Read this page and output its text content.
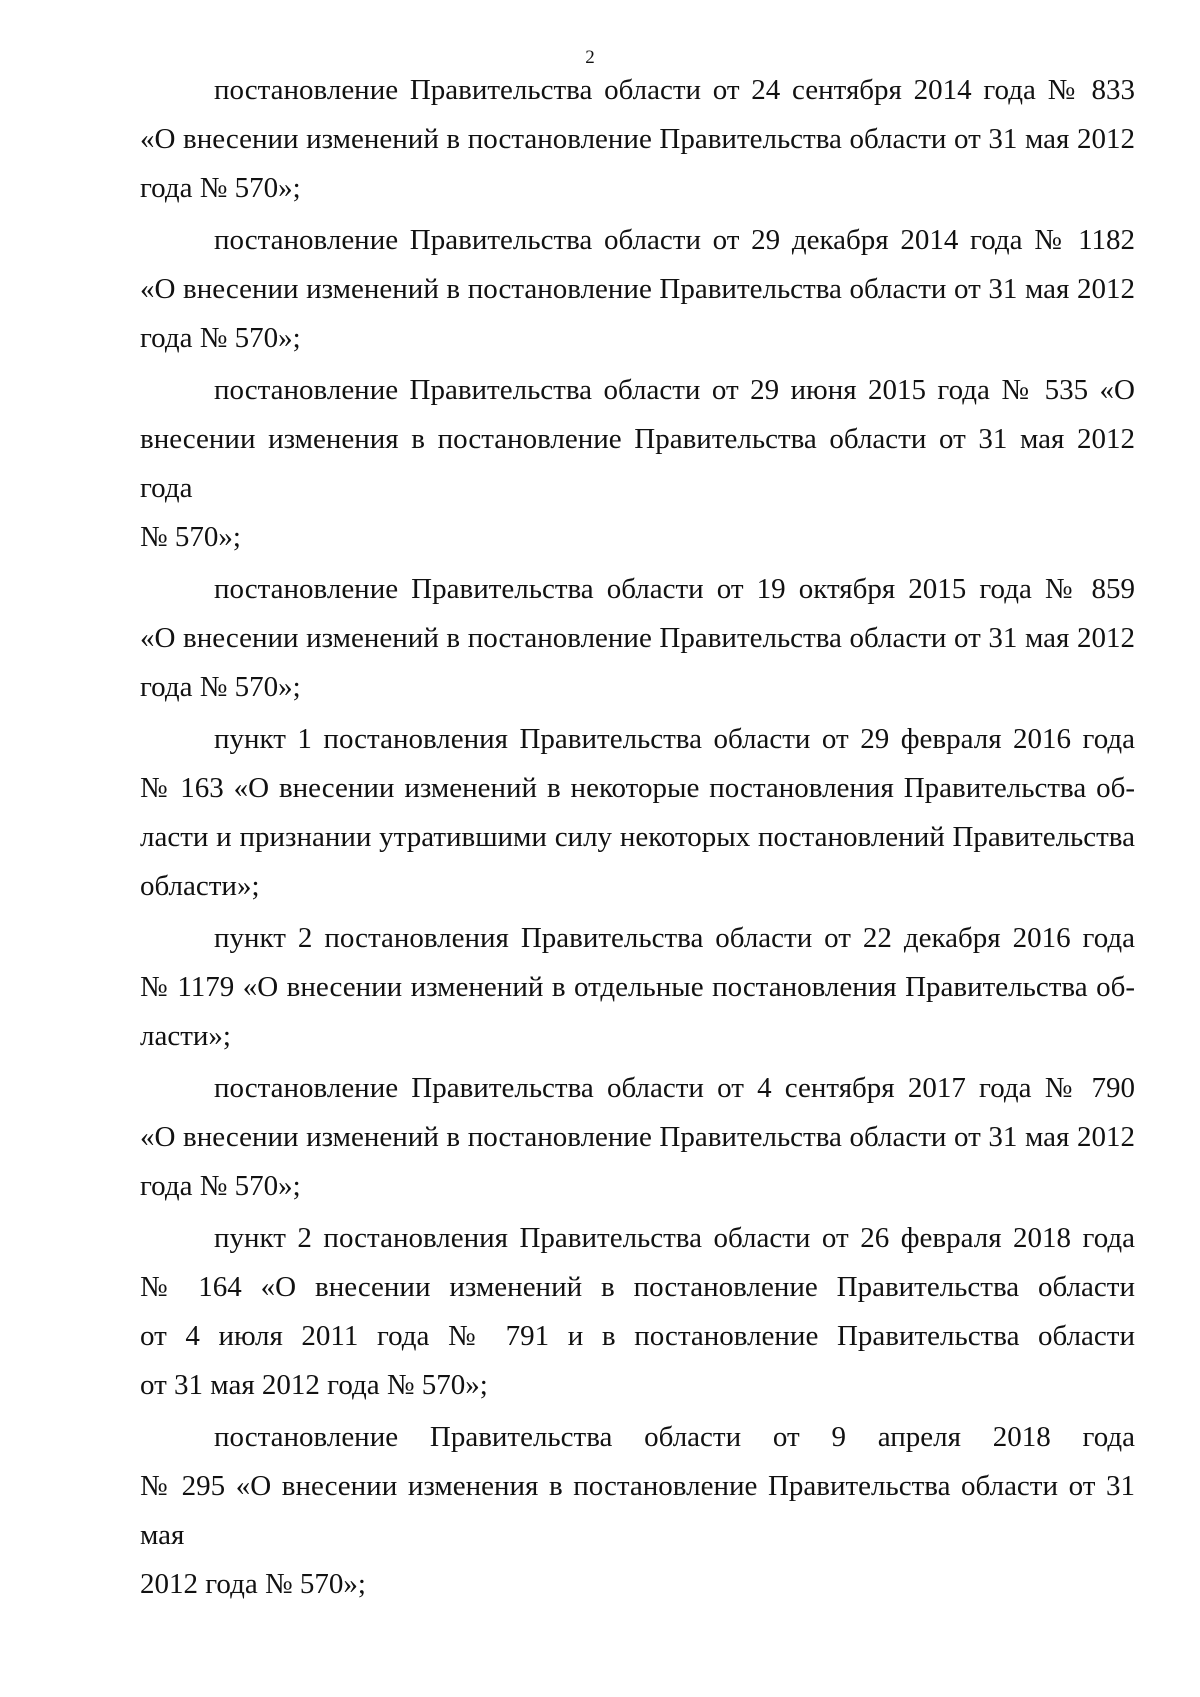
2

постановление Правительства области от 24 сентября 2014 года № 833
«О внесении изменений в постановление Правительства области от 31 мая 2012
года № 570»;

постановление Правительства области от 29 декабря 2014 года № 1182
«О внесении изменений в постановление Правительства области от 31 мая 2012
года № 570»;

постановление Правительства области от 29 июня 2015 года № 535 «О
внесении изменения в постановление Правительства области от 31 мая 2012 года
№ 570»;

постановление Правительства области от 19 октября 2015 года № 859
«О внесении изменений в постановление Правительства области от 31 мая 2012
года № 570»;

пункт 1 постановления Правительства области от 29 февраля 2016 года
№ 163 «О внесении изменений в некоторые постановления Правительства об-
ласти и признании утратившими силу некоторых постановлений Правительства
области»;

пункт 2 постановления Правительства области от 22 декабря 2016 года
№ 1179 «О внесении изменений в отдельные постановления Правительства об-
ласти»;

постановление Правительства области от 4 сентября 2017 года № 790
«О внесении изменений в постановление Правительства области от 31 мая 2012
года № 570»;

пункт 2 постановления Правительства области от 26 февраля 2018 года
№ 164 «О внесении изменений в постановление Правительства области
от 4 июля 2011 года № 791 и в постановление Правительства области
от 31 мая 2012 года № 570»;

постановление Правительства области от 9 апреля 2018 года
№ 295 «О внесении изменения в постановление Правительства области от 31 мая
2012 года № 570»;
